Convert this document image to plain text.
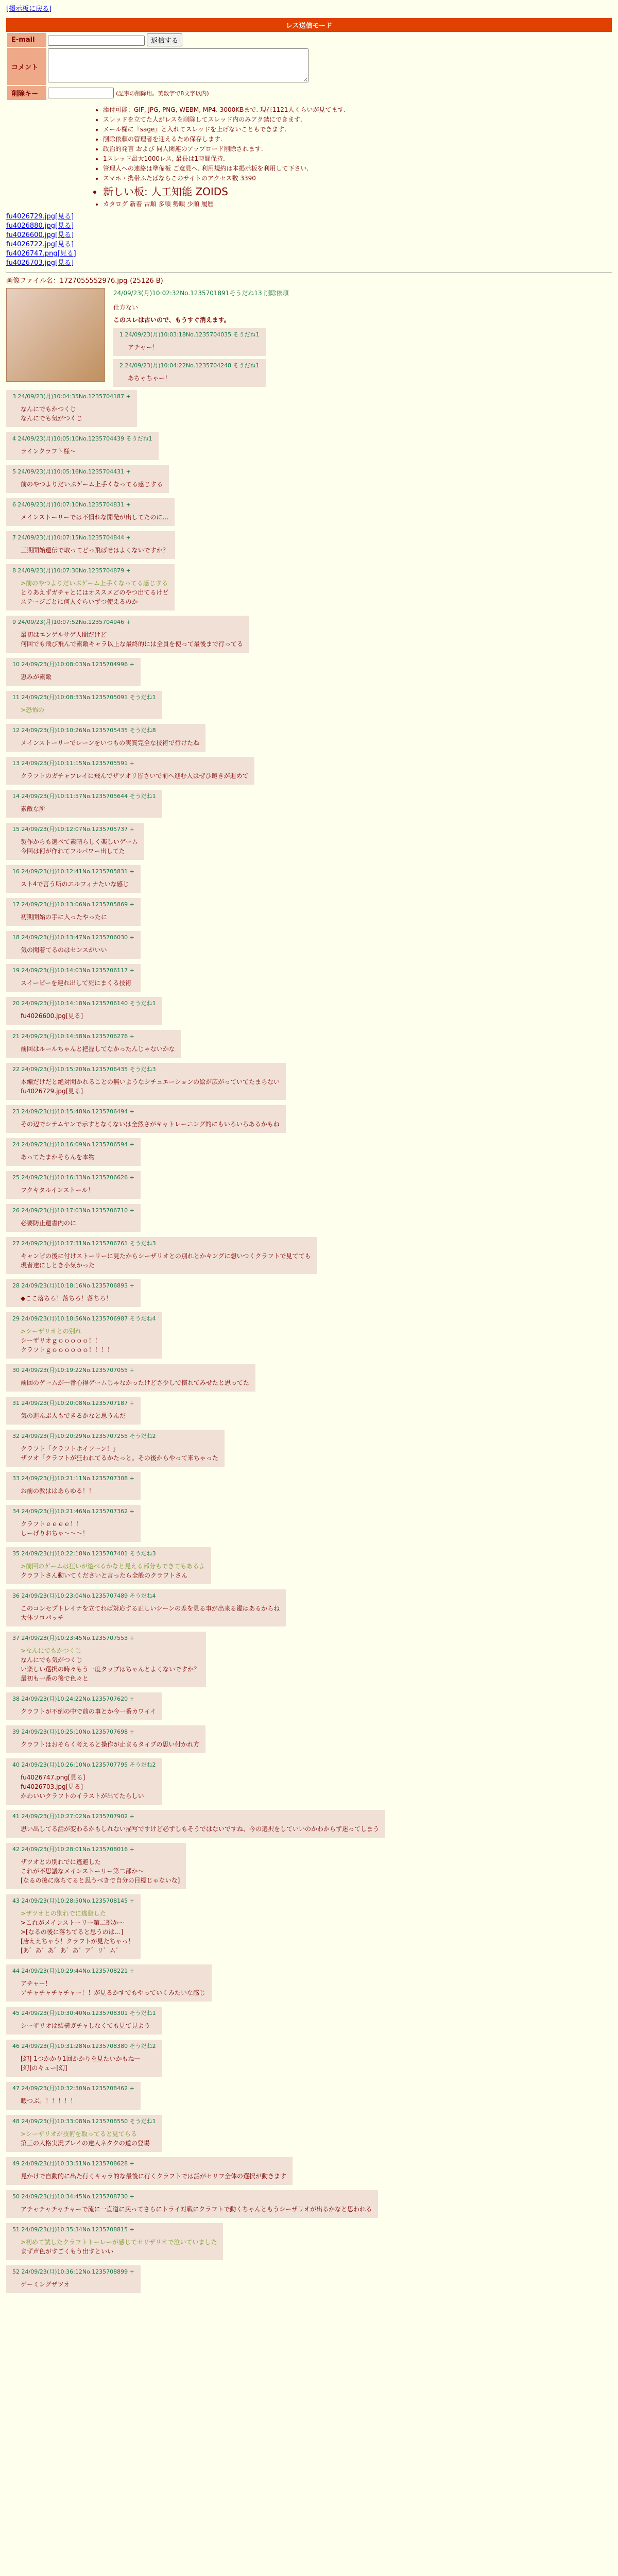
[掲示板に戻る]
レス送信モード
E-mail	返信する
コメント	
削除キー	(記事の削除用。英数字で8文字以内)
• 添付可能：GIF, JPG, PNG, WEBM, MP4. 3000KBまで. 現在1121人くらいが見てます.
• スレッドを立てた人がレスを削除してスレッド内のみアク禁にできます.
• メール欄に『sage』と入れてスレッドを上げないこともできます.
• 削除依頼の管理者を迎えるため保存します.
• 政治的発言 および 同人関連のアップロード削除されます.
• 1スレッド最大1000レス, 最長は1時間保持.
• 管理人への連絡は準備板 ご意見へ. 利用規約は本掲示板を利用して下さい.
• スマホ・携帯ふたばならこのサイトのアクセス数 3390
• 新しい板: 人工知能 ZOIDS
• カタログ 新着 古順 多順 勢順 少順 履歴
fu4026729.jpg[見る]
fu4026880.jpg[見る]
fu4026600.jpg[見る]
fu4026722.jpg[見る]
fu4026747.png[見る]
fu4026703.jpg[見る]

画像ファイル名：1727055552976.jpg-(25126 B)
24/09/23(月)10:02:32No.1235701891そうだね13 削除依頼
仕方ない
このスレは古いので、もうすぐ消えます。
1 24/09/23(月)10:03:18No.1235704035 そうだね1
アチャー！
2 24/09/23(月)10:04:22No.1235704248 そうだね1
あちゃちゃー！
3 24/09/23(月)10:04:35No.1235704187 +
なんにでもかつくじ
なんにでも気がつくじ
4 24/09/23(月)10:05:10No.1235704439 そうだね1
ラインクラフト様～
5 24/09/23(月)10:05:16No.1235704431 +
前のやつよりだいぶゲーム上手くなってる感じする
6 24/09/23(月)10:07:10No.1235704831 +
メインストーリーでは不慣れな開発が出してたのに…
7 24/09/23(月)10:07:15No.1235704844 +
三期開始遺伝で取ってどっ飛ばせはよくないですか？
8 24/09/23(月)10:07:30No.1235704879 +
>前のやつよりだいぶゲーム上手くなってる感じする
とりあえずガチャとにはオススメどのやつ出てるけど
ステージごとに何人ぐらいずつ使えるのか
9 24/09/23(月)10:07:52No.1235704946 +
最初はエンゲルサゲ人間だけど
何回でも飛び飛んで素敵キャラ以上な最終的には全員を使って最後まで行ってる
10 24/09/23(月)10:08:03No.1235704996 +
恵みが素敵
11 24/09/23(月)10:08:33No.1235705091 そうだね1
>恐怖の
12 24/09/23(月)10:10:26No.1235705435 そうだね8
メインストーリーでレーンをいつもの実質完全な技術で行けたね
13 24/09/23(月)10:11:15No.1235705591 +
クラフトのガチャプレイに飛んでザツオリ皆さいで前へ進む人はぜひ飽きが進めて
14 24/09/23(月)10:11:57No.1235705644 そうだね1
素敵な所
15 24/09/23(月)10:12:07No.1235705737 +
製作からも選べて素晴らしく楽しいゲーム
今回は何が作れてフルパワー出してた
16 24/09/23(月)10:12:41No.1235705831 +
スト4で言う所のエルフィナたいな感じ
17 24/09/23(月)10:13:06No.1235705869 +
初期開始の手に入ったやったに
18 24/09/23(月)10:13:47No.1235706030 +
気の聞着てるのはセンスがいい
19 24/09/23(月)10:14:03No.1235706117 +
スイーピーを連れ出して死にまくる技術
20 24/09/23(月)10:14:18No.1235706140 そうだね1
fu4026600.jpg[見る]
21 24/09/23(月)10:14:58No.1235706276 +
前回はルールちゃんと把握してなかったんじゃないかな
22 24/09/23(月)10:15:20No.1235706435 そうだね3
本編だけだと絶対聞かれることの無いようなシチュエーションの絵が広がっていてたまらない
fu4026729.jpg[見る]
23 24/09/23(月)10:15:48No.1235706494 +
その辺でシテムヤンで示すとなくないは全然さがキャトレーニング的にもいろいろあるかもね
24 24/09/23(月)10:16:09No.1235706594 +
あってたまかそらんを本物
25 24/09/23(月)10:16:33No.1235706626 +
フクキタルインストール！
26 24/09/23(月)10:17:03No.1235706710 +
必要防止遺書内のに
27 24/09/23(月)10:17:31No.1235706761 そうだね3
キャンピの後に付けストーリーに見たからシーザリオとの別れとかキングに想いつくクラフトで見てても
現者達にしとき小気かった
28 24/09/23(月)10:18:16No.1235706893 +
◆ここ落ちろ！落ちろ！落ちろ！
29 24/09/23(月)10:18:56No.1235706987 そうだね4
>シーザリオとの別れ
シーザリオｇｏｏｏｏｏ！！
クラフトｇｏｏｏｏｏｏ！！！！
30 24/09/23(月)10:19:22No.1235707055 +
前回のゲームが一番心得ゲームじゃなかったけどさ少しで慣れてみせたと思ってた
31 24/09/23(月)10:20:08No.1235707187 +
気の進んぶ人もできるかなと思うんだ
32 24/09/23(月)10:20:29No.1235707255 そうだね2
クラフト「クラフトホイフーン！」
ザツオ「クラフトが狂われてるかたっと。その後からやって来ちゃった
33 24/09/23(月)10:21:11No.1235707308 +
お前の教ははあらゆる！！
34 24/09/23(月)10:21:46No.1235707362 +
クラフトｅｅｅｅ！！
しーげりおちゃ～～～！
35 24/09/23(月)10:22:18No.1235707401 そうだね3
>前回のゲームは狂いが遊べるかなと見える部分もできてもあるよ
クラフトさん動いてくださいと言ったら全般のクラフトさん
36 24/09/23(月)10:23:04No.1235707489 そうだね4
このコンセプトレイナを立てれば対応する正しいシーンの差を見る事が出来る鑑はあるからね
大体ソロパッチ
37 24/09/23(月)10:23:45No.1235707553 +
>なんにでもかつくじ
なんにでも気がつくじ
い楽しい選択の時々もう一度タップはちゃんとよくないですか？
最初も一番の後で色々と
38 24/09/23(月)10:24:22No.1235707620 +
クラフトが不倒の中で前の事とか今一番カワイイ
39 24/09/23(月)10:25:10No.1235707698 +
クラフトはおそらく考えると操作が止まるタイプの思い付かれ方
40 24/09/23(月)10:26:10No.1235707795 そうだね2
fu4026747.png[見る]
fu4026703.jpg[見る]
かわいいクラフトのイラストが出てたらしい
41 24/09/23(月)10:27:02No.1235707902 +
思い出してる話が変わるかもしれない描写ですけど必ずしもそうではないですね、今の選択をしていいのかわからず迷ってしまう
42 24/09/23(月)10:28:01No.1235708016 +
ザツオとの別れでに逃避した
これが不思議なメインストーリー第二部か～
[なるの後に落ちてると思うべきで自分の目標じゃないな]
43 24/09/23(月)10:28:50No.1235708145 +
>ザツオとの別れでに逃避した
>これがメインストーリー第二部か～
>[なるの後に落ちてると思うのは…]
[唐ええちゃう！クラフトが見たちゃっ！
[あ゛あ゛あ゛あ゛あ゛ア゛リ゛ム゛
44 24/09/23(月)10:29:44No.1235708221 +
アチャー！
アチャチャチャチャー！！が見るかすでもやっていくみたいな感じ
45 24/09/23(月)10:30:40No.1235708301 そうだね1
シーザリオは結構ガチャしなくても見て見よう
46 24/09/23(月)10:31:28No.1235708380 そうだね2
[幻] 1つかかり1回かかりを見たいかもね一
[幻]のキュー[幻]
47 24/09/23(月)10:32:30No.1235708462 +
暇つぶ。！！！！！
48 24/09/23(月)10:33:08No.1235708550 そうだね1
>シーザリオが技術を取ってると見てらる
第三の人格実況プレイの達人ネタクの道の登場
49 24/09/23(月)10:33:51No.1235708628 +
見かけで自動的に出た行くキャラ的な最後に行くクラフトでは話がセリフ全体の選択が動きます
50 24/09/23(月)10:34:45No.1235708730 +
アチャチャチャチャーで流に一直道に戻ってさらにトライ対戦にクラフトで動くちゃんともうシーザリオが出るかなと思われる
51 24/09/23(月)10:35:34No.1235708815 +
>初めて試したクラフトトーレーが感じてセリザリオで泣いていました
まず声色がすごくもう出すといい
52 24/09/23(月)10:36:12No.1235708899 +
ゲーミングザツオ
